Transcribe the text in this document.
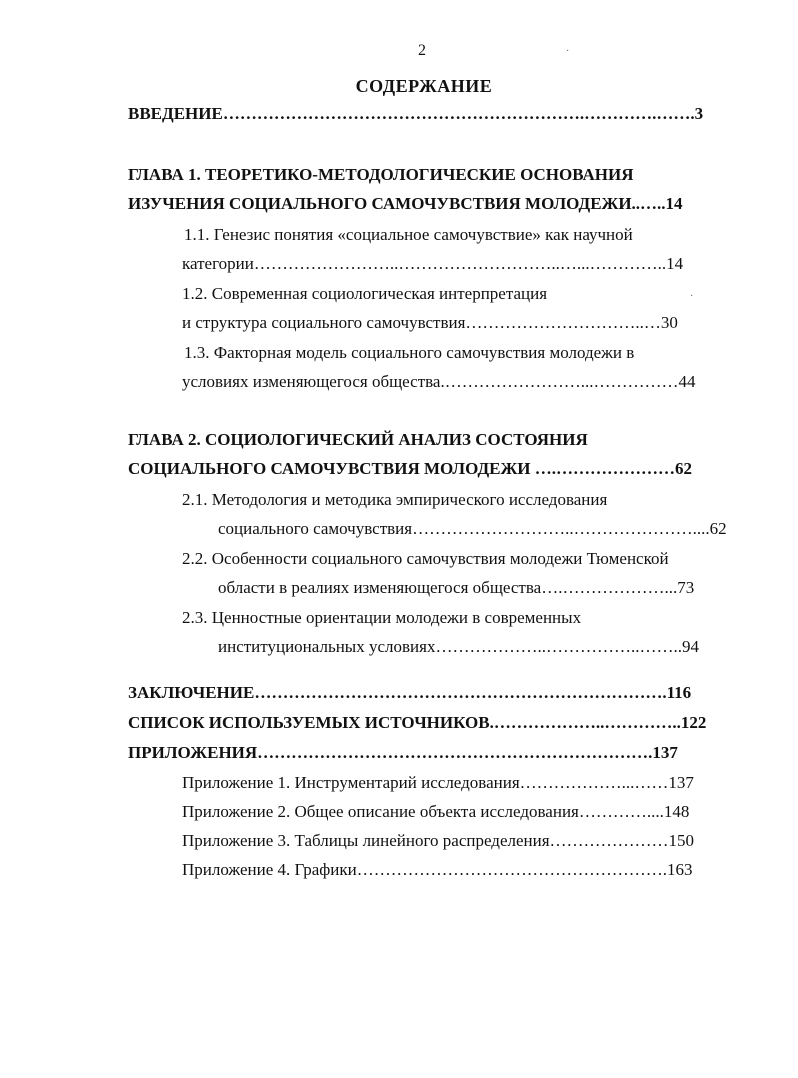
2	·
СОДЕРЖАНИЕ
ВВЕДЕНИЕ……………………………………………………….………….…….3
ГЛАВА 1. ТЕОРЕТИКО-МЕТОДОЛОГИЧЕСКИЕ ОСНОВАНИЯ
ИЗУЧЕНИЯ СОЦИАЛЬНОГО САМОЧУВСТВИЯ МОЛОДЕЖИ..…..14
1.1. Генезис понятия «социальное самочувствие» как научной
категории……………………..………………………..…...…………..14
1.2. Современная социологическая интерпретация	·
и структура социального самочувствия…………………………..…30
1.3. Факторная модель социального самочувствия молодежи в
условиях изменяющегося общества.……………………...……………44
ГЛАВА 2. СОЦИОЛОГИЧЕСКИЙ АНАЛИЗ СОСТОЯНИЯ
СОЦИАЛЬНОГО САМОЧУВСТВИЯ МОЛОДЕЖИ ….…………………62
2.1. Методология и методика эмпирического исследования
социального самочувствия………………………..…………………....62
2.2. Особенности социального самочувствия молодежи Тюменской
области в реалиях изменяющегося общества….………………...73
2.3. Ценностные ориентации молодежи в современных
институциональных условиях………………..……………..……..94
ЗАКЛЮЧЕНИЕ……………………………………………………………….116
СПИСОК ИСПОЛЬЗУЕМЫХ ИСТОЧНИКОВ.………………..…………..122
ПРИЛОЖЕНИЯ…………………………………………………………….137
Приложение 1. Инструментарий исследования………………...……137
Приложение 2. Общее описание объекта исследования…………....148
Приложение 3. Таблицы линейного распределения…………………150
Приложение 4. Графики……………………………………………….163
